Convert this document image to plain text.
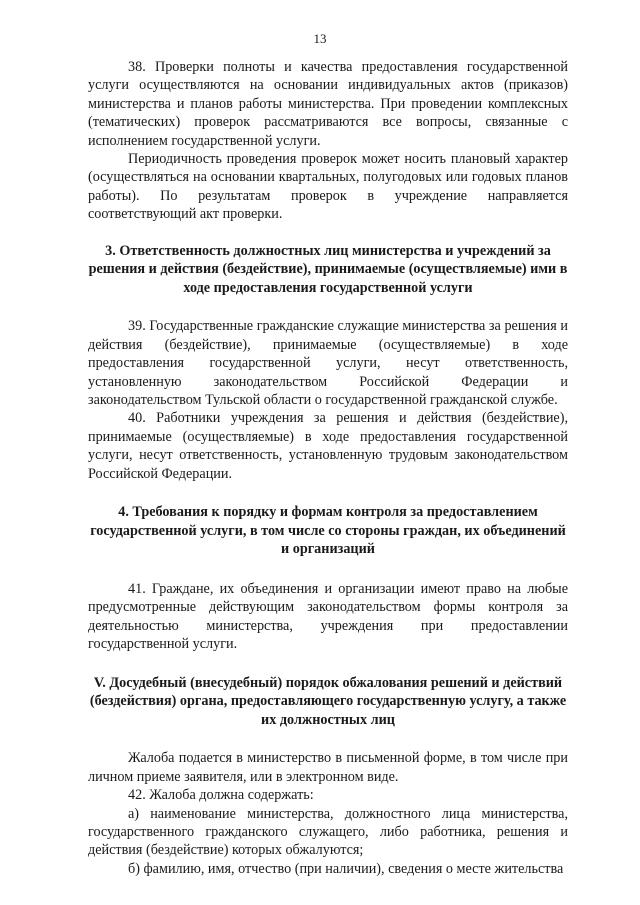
13

38. Проверки полноты и качества предоставления государственной услуги осуществляются на основании индивидуальных актов (приказов) министерства и планов работы министерства. При проведении комплексных (тематических) проверок рассматриваются все вопросы, связанные с исполнением государственной услуги.

Периодичность проведения проверок может носить плановый характер (осуществляться на основании квартальных, полугодовых или годовых планов работы). По результатам проверок в учреждение направляется соответствующий акт проверки.

3. Ответственность должностных лиц министерства и учреждений за решения и действия (бездействие), принимаемые (осуществляемые) ими в ходе предоставления государственной услуги

39. Государственные гражданские служащие министерства за решения и действия (бездействие), принимаемые (осуществляемые) в ходе предоставления государственной услуги, несут ответственность, установленную законодательством Российской Федерации и законодательством Тульской области о государственной гражданской службе.

40. Работники учреждения за решения и действия (бездействие), принимаемые (осуществляемые) в ходе предоставления государственной услуги, несут ответственность, установленную трудовым законодательством Российской Федерации.

4. Требования к порядку и формам контроля за предоставлением государственной услуги, в том числе со стороны граждан, их объединений и организаций

41. Граждане, их объединения и организации имеют право на любые предусмотренные действующим законодательством формы контроля за деятельностью министерства, учреждения при предоставлении государственной услуги.

V. Досудебный (внесудебный) порядок обжалования решений и действий (бездействия) органа, предоставляющего государственную услугу, а также их должностных лиц

Жалоба подается в министерство в письменной форме, в том числе при личном приеме заявителя, или в электронном виде.

42. Жалоба должна содержать:

а) наименование министерства, должностного лица министерства, государственного гражданского служащего, либо работника, решения и действия (бездействие) которых обжалуются;

б) фамилию, имя, отчество (при наличии), сведения о месте жительства
